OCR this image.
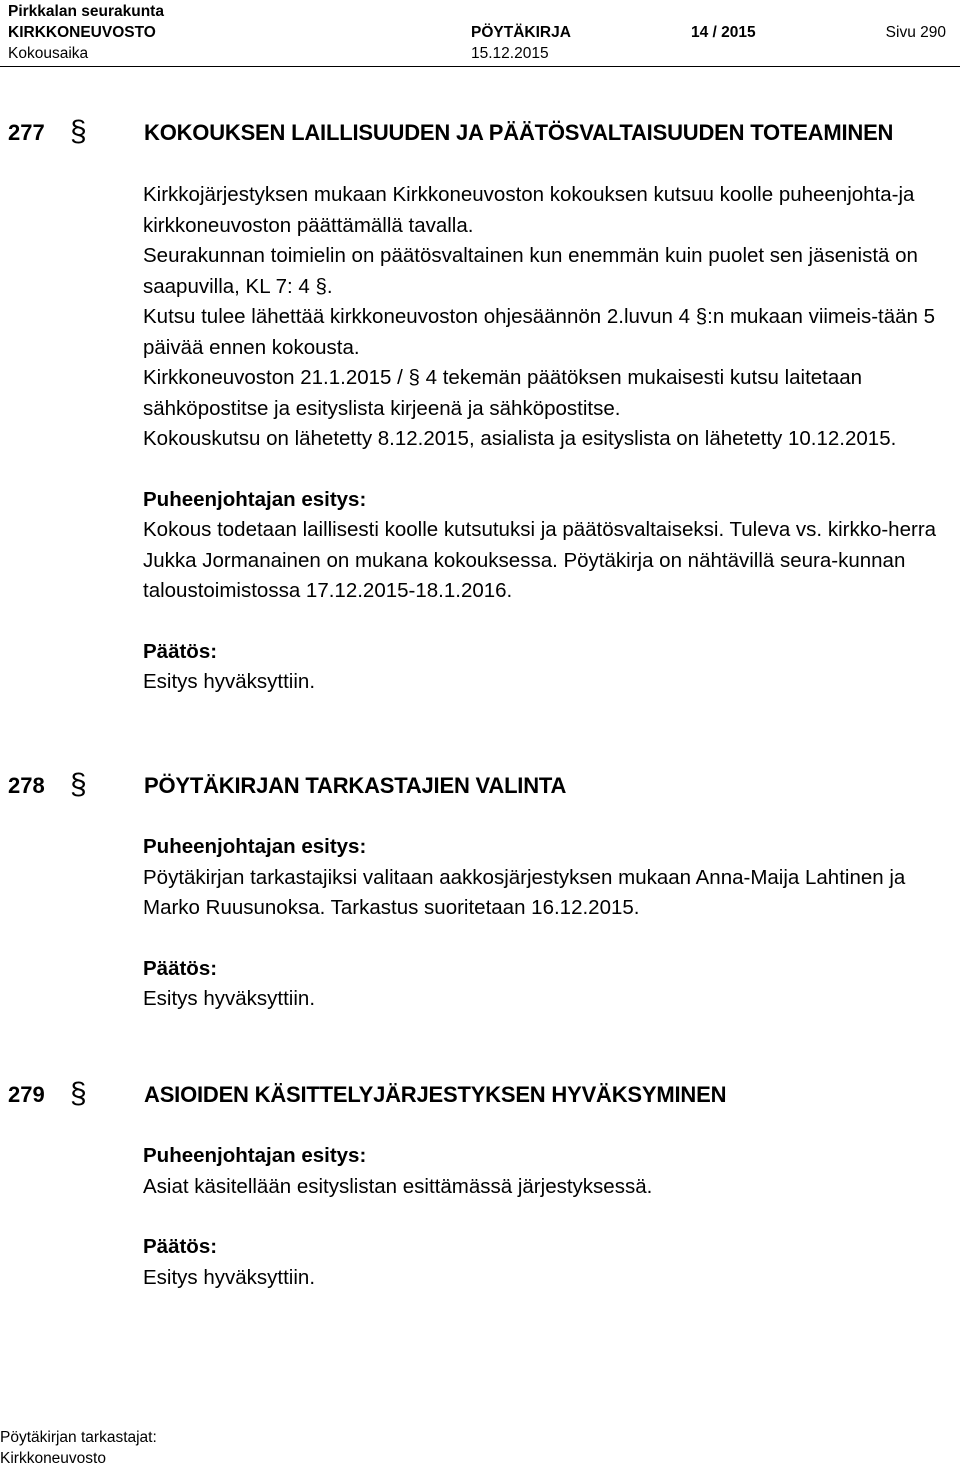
Pirkkalan seurakunta
KIRKKONEUVOSTO	PÖYTÄKIRJA	14 / 2015	Sivu 290
Kokousaika	15.12.2015
277 §	KOKOUKSEN LAILLISUUDEN JA PÄÄTÖSVALTAISUUDEN TOTEAMINEN

Kirkkojärjestyksen mukaan Kirkkoneuvoston kokouksen kutsuu koolle puheenjohta-ja kirkkoneuvoston päättämällä tavalla.

Seurakunnan toimielin on päätösvaltainen kun enemmän kuin puolet sen jäsenistä on saapuvilla, KL 7: 4 §.

Kutsu tulee lähettää kirkkoneuvoston ohjesäännön 2.luvun 4 §:n mukaan viimeis-tään 5 päivää ennen kokousta.

Kirkkoneuvoston 21.1.2015 / § 4 tekemän päätöksen mukaisesti kutsu laitetaan sähköpostitse ja esityslista kirjeenä ja sähköpostitse.

Kokouskutsu on lähetetty 8.12.2015, asialista ja esityslista on lähetetty 10.12.2015.

Puheenjohtajan esitys:

Kokous todetaan laillisesti koolle kutsutuksi ja päätösvaltaiseksi. Tuleva vs. kirkko-herra Jukka Jormanainen on mukana kokouksessa. Pöytäkirja on nähtävillä seura-kunnan taloustoimistossa 17.12.2015-18.1.2016.

Päätös:

Esitys hyväksyttiin.

278 §	PÖYTÄKIRJAN TARKASTAJIEN VALINTA

Puheenjohtajan esitys:

Pöytäkirjan tarkastajiksi valitaan aakkosjärjestyksen mukaan Anna-Maija Lahtinen ja Marko Ruusunoksa. Tarkastus suoritetaan 16.12.2015.

Päätös:

Esitys hyväksyttiin.

279 §	ASIOIDEN KÄSITTELYJÄRJESTYKSEN HYVÄKSYMINEN

Puheenjohtajan esitys:

Asiat käsitellään esityslistan esittämässä järjestyksessä.

Päätös:

Esitys hyväksyttiin.

Pöytäkirjan tarkastajat:
Kirkkoneuvosto
